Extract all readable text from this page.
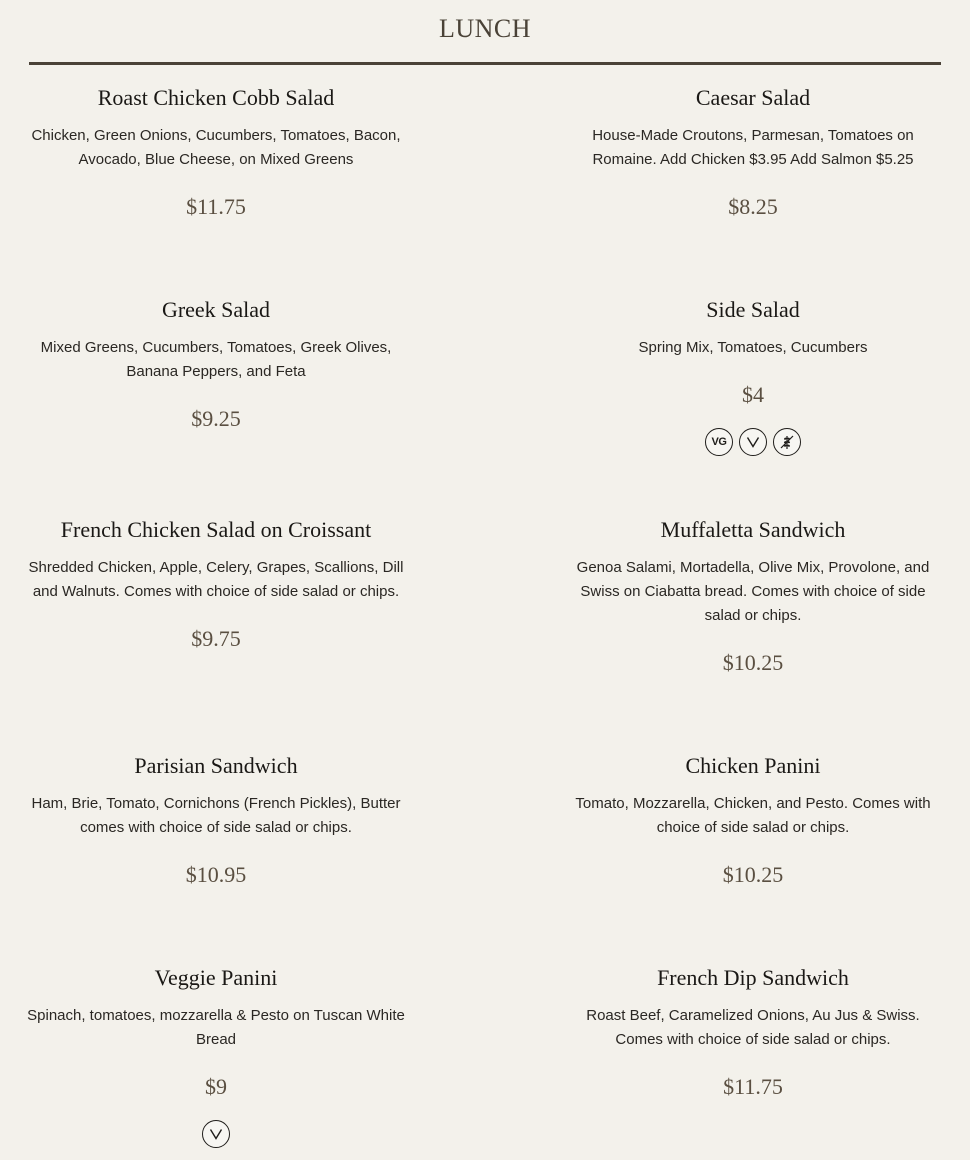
LUNCH
Roast Chicken Cobb Salad
Chicken, Green Onions, Cucumbers, Tomatoes, Bacon, Avocado, Blue Cheese, on Mixed Greens
$11.75
Caesar Salad
House-Made Croutons, Parmesan, Tomatoes on Romaine. Add Chicken $3.95 Add Salmon $5.25
$8.25
Greek Salad
Mixed Greens, Cucumbers, Tomatoes, Greek Olives, Banana Peppers, and Feta
$9.25
Side Salad
Spring Mix, Tomatoes, Cucumbers
$4
VG
French Chicken Salad on Croissant
Shredded Chicken, Apple, Celery, Grapes, Scallions, Dill and Walnuts. Comes with choice of side salad or chips.
$9.75
Muffaletta Sandwich
Genoa Salami, Mortadella, Olive Mix, Provolone, and Swiss on Ciabatta bread. Comes with choice of side salad or chips.
$10.25
Parisian Sandwich
Ham, Brie, Tomato, Cornichons (French Pickles), Butter comes with choice of side salad or chips.
$10.95
Chicken Panini
Tomato, Mozzarella, Chicken, and Pesto. Comes with choice of side salad or chips.
$10.25
Veggie Panini
Spinach, tomatoes, mozzarella & Pesto on Tuscan White Bread
$9
French Dip Sandwich
Roast Beef, Caramelized Onions, Au Jus & Swiss. Comes with choice of side salad or chips.
$11.75
